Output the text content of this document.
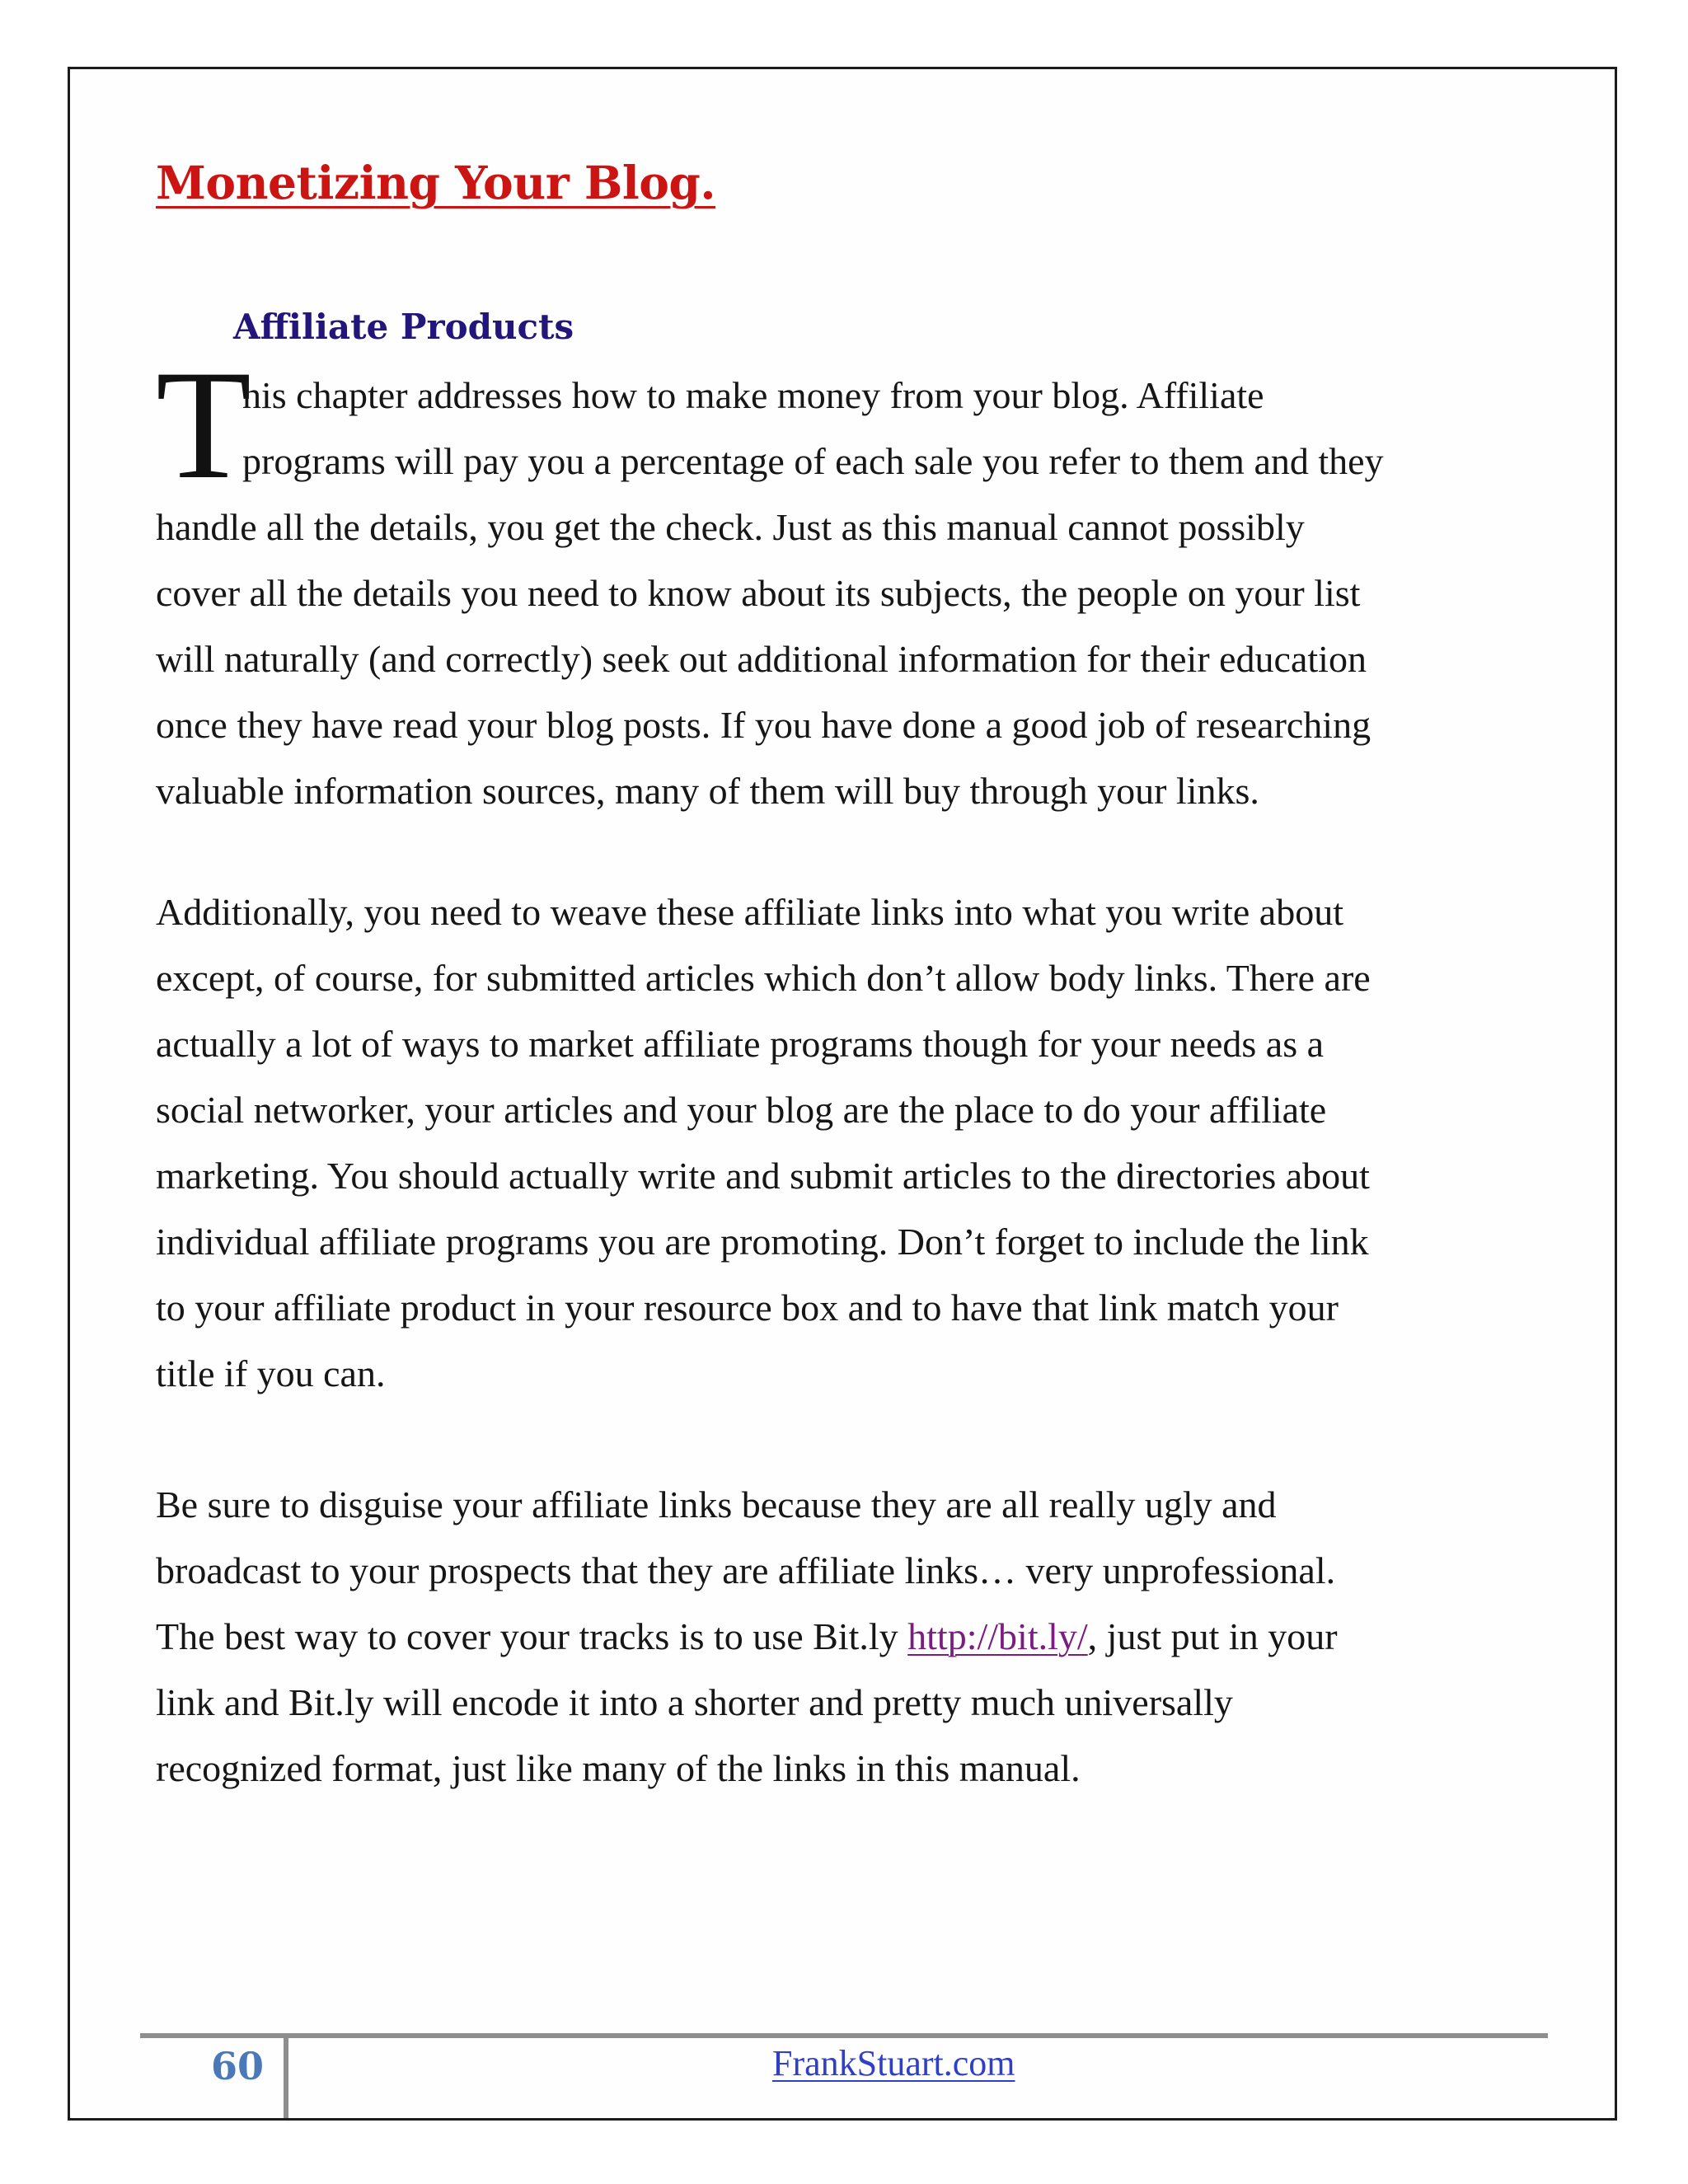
Monetizing Your Blog.
Affiliate Products
T

his chapter addresses how to make money from your blog. Affiliate
programs will pay you a percentage of each sale you refer to them and they
handle all the details, you get the check. Just as this manual cannot possibly
cover all the details you need to know about its subjects, the people on your list
will naturally (and correctly) seek out additional information for their education
once they have read your blog posts. If you have done a good job of researching
valuable information sources, many of them will buy through your links.

Additionally, you need to weave these affiliate links into what you write about
except, of course, for submitted articles which don’t allow body links. There are
actually a lot of ways to market affiliate programs though for your needs as a
social networker, your articles and your blog are the place to do your affiliate
marketing. You should actually write and submit articles to the directories about
individual affiliate programs you are promoting. Don’t forget to include the link
to your affiliate product in your resource box and to have that link match your
title if you can.

Be sure to disguise your affiliate links because they are all really ugly and
broadcast to your prospects that they are affiliate links… very unprofessional.
The best way to cover your tracks is to use Bit.ly http://bit.ly/, just put in your
link and Bit.ly will encode it into a shorter and pretty much universally
recognized format, just like many of the links in this manual.

60	FrankStuart.com
